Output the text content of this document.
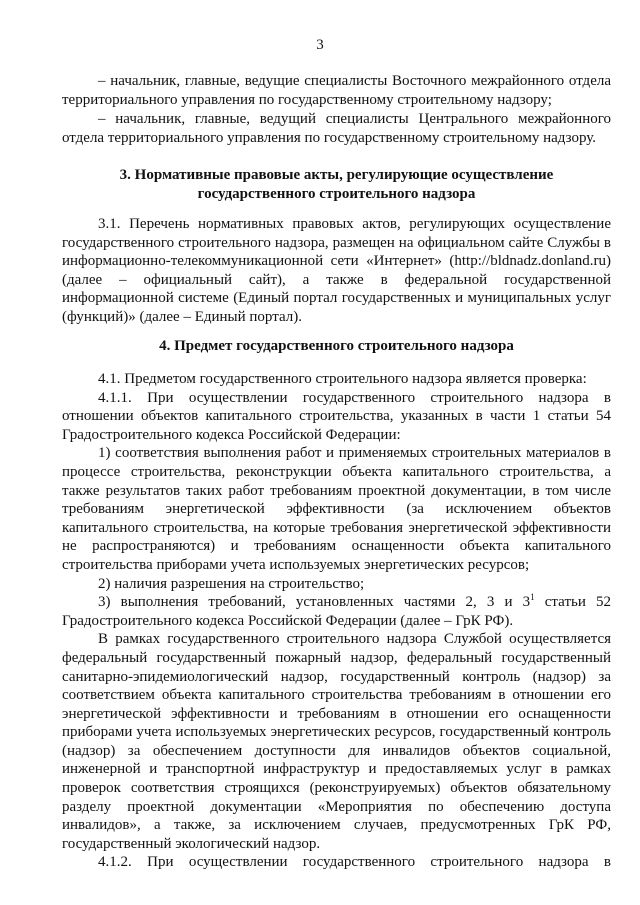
3

– начальник, главные, ведущие специалисты Восточного межрайонного отдела территориального управления по государственному строительному надзору;

– начальник, главные, ведущий специалисты Центрального межрайонного отдела территориального управления по государственному строительному надзору.

3. Нормативные правовые акты, регулирующие осуществление
государственного строительного надзора

3.1. Перечень нормативных правовых актов, регулирующих осуществление государственного строительного надзора, размещен на официальном сайте Службы в информационно-телекоммуникационной сети «Интернет» (http://bldnadz.donland.ru) (далее – официальный сайт), а также в федеральной государственной информационной системе (Единый портал государственных и муниципальных услуг (функций)» (далее – Единый портал).

4. Предмет государственного строительного надзора

4.1. Предметом государственного строительного надзора является проверка:

4.1.1. При осуществлении государственного строительного надзора в отношении объектов капитального строительства, указанных в части 1 статьи 54 Градостроительного кодекса Российской Федерации:

1) соответствия выполнения работ и применяемых строительных материалов в процессе строительства, реконструкции объекта капитального строительства, а также результатов таких работ требованиям проектной документации, в том числе требованиям энергетической эффективности (за исключением объектов капитального строительства, на которые требования энергетической эффективности не распространяются) и требованиям оснащенности объекта капитального строительства приборами учета используемых энергетических ресурсов;

2) наличия разрешения на строительство;

3) выполнения требований, установленных частями 2, 3 и $3^1$ статьи 52 Градостроительного кодекса Российской Федерации (далее – ГрК РФ).

В рамках государственного строительного надзора Службой осуществляется федеральный государственный пожарный надзор, федеральный государственный санитарно-эпидемиологический надзор, государственный контроль (надзор) за соответствием объекта капитального строительства требованиям в отношении его энергетической эффективности и требованиям в отношении его оснащенности приборами учета используемых энергетических ресурсов, государственный контроль (надзор) за обеспечением доступности для инвалидов объектов социальной, инженерной и транспортной инфраструктур и предоставляемых услуг в рамках проверок соответствия строящихся (реконструируемых) объектов обязательному разделу проектной документации «Мероприятия по обеспечению доступа инвалидов», а также, за исключением случаев, предусмотренных ГрК РФ, государственный экологический надзор.

4.1.2. При осуществлении государственного строительного надзора в
